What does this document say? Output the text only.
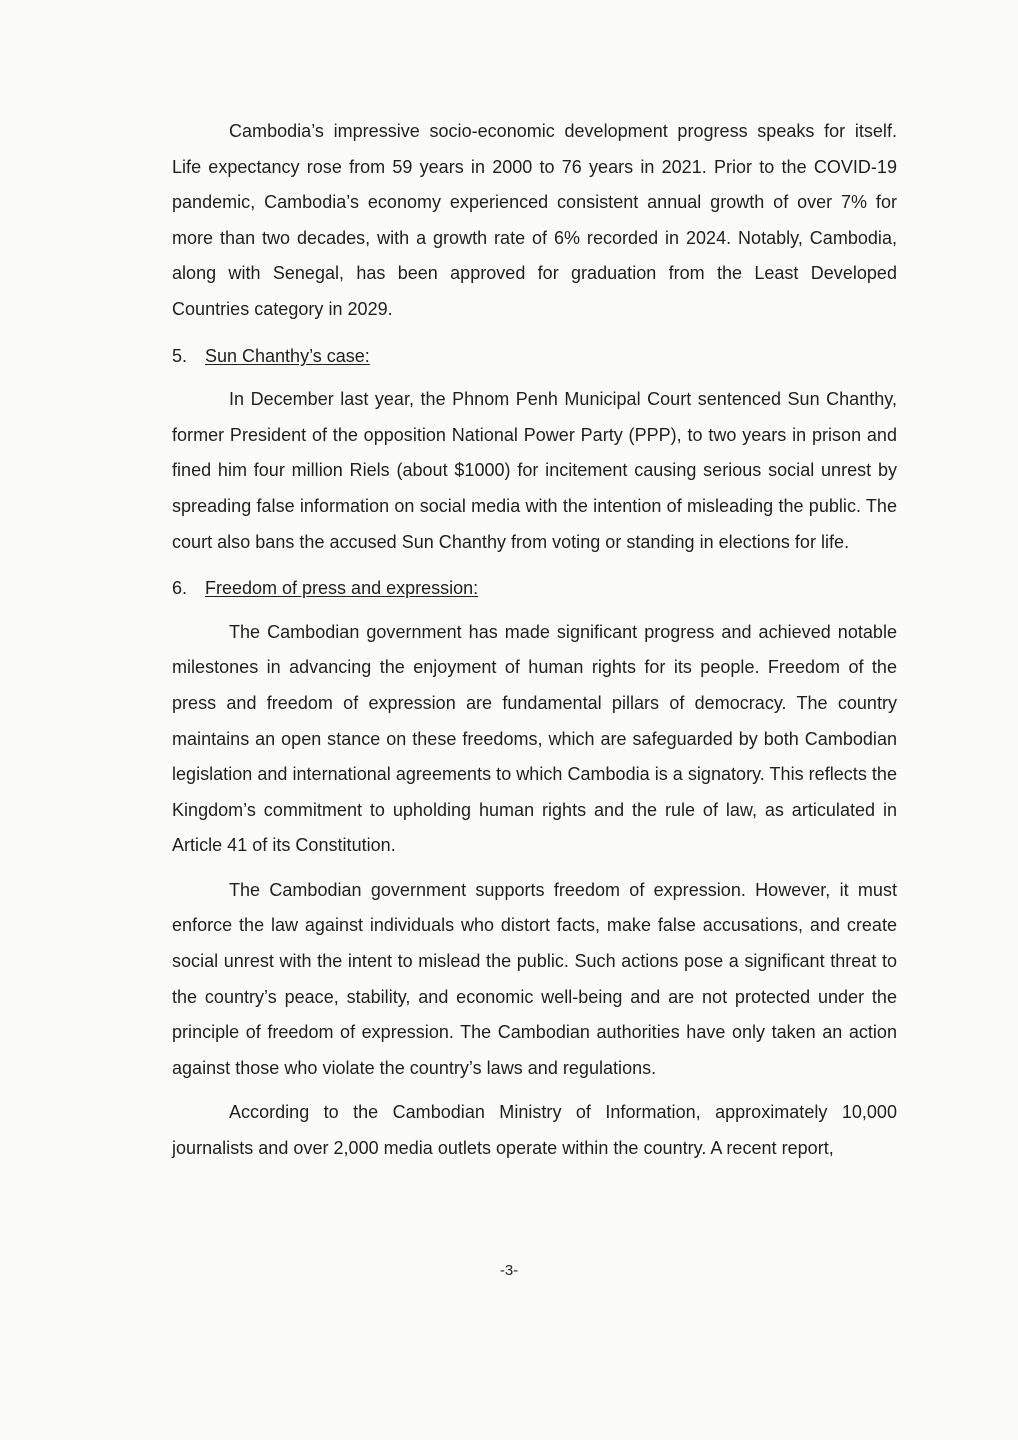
Cambodia’s impressive socio-economic development progress speaks for itself. Life expectancy rose from 59 years in 2000 to 76 years in 2021. Prior to the COVID-19 pandemic, Cambodia’s economy experienced consistent annual growth of over 7% for more than two decades, with a growth rate of 6% recorded in 2024. Notably, Cambodia, along with Senegal, has been approved for graduation from the Least Developed Countries category in 2029.

5. Sun Chanthy’s case:

In December last year, the Phnom Penh Municipal Court sentenced Sun Chanthy, former President of the opposition National Power Party (PPP), to two years in prison and fined him four million Riels (about $1000) for incitement causing serious social unrest by spreading false information on social media with the intention of misleading the public. The court also bans the accused Sun Chanthy from voting or standing in elections for life.

6. Freedom of press and expression:

The Cambodian government has made significant progress and achieved notable milestones in advancing the enjoyment of human rights for its people. Freedom of the press and freedom of expression are fundamental pillars of democracy. The country maintains an open stance on these freedoms, which are safeguarded by both Cambodian legislation and international agreements to which Cambodia is a signatory. This reflects the Kingdom’s commitment to upholding human rights and the rule of law, as articulated in Article 41 of its Constitution.

The Cambodian government supports freedom of expression. However, it must enforce the law against individuals who distort facts, make false accusations, and create social unrest with the intent to mislead the public. Such actions pose a significant threat to the country’s peace, stability, and economic well-being and are not protected under the principle of freedom of expression. The Cambodian authorities have only taken an action against those who violate the country’s laws and regulations.

According to the Cambodian Ministry of Information, approximately 10,000 journalists and over 2,000 media outlets operate within the country. A recent report,

-3-
